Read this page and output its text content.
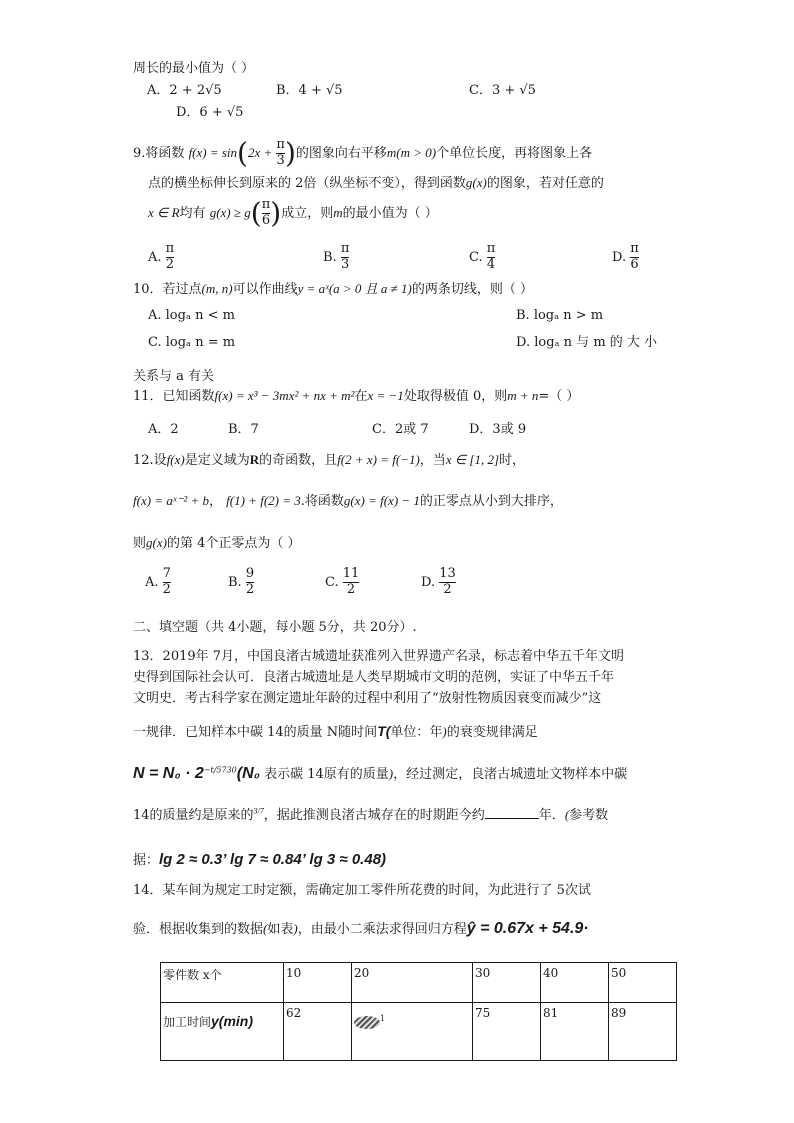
周长的最小值为（ ）
A．2 + 2√5	B．4 + √5	C．3 + √5
D．6 + √5
9.将函数 $f(x) = \sin(2x + \frac{\pi}{3}$ )的图象向右平移m(m > 0)个单位长度，再将图象上各
点的横坐标伸长到原来的 2倍（纵坐标不变），得到函数g(x)的图象，若对任意的
x ∈ R均有 $g(x) \ge g( \frac{\pi}{6}$ )成立，则m的最小值为（ ）
A. $\frac{\pi}{2}$	B. $\frac{\pi}{3}$	C. $\frac{\pi}{4}$	D. $\frac{\pi}{6}$
10．若过点(m, n)可以作曲线y = aˣ(a > 0 且 a ≠ 1)的两条切线，则（ ）
A. logₐ n < m	B. logₐ n > m
C. logₐ n = m	D. logₐ n 与 m 的 大 小
关系与 a 有关
11．已知函数f(x) = x³ − 3mx² + nx + m²在x = −1处取得极值 0，则m + n=（ ）
A．2	B．7	C．2或 7	D．3或 9
12.设f(x)是定义域为R的奇函数，且f(2 + x) = f(−1)，当x ∈ [1, 2]时，
f(x) = aˣ⁻² + b， f(1) + f(2) = 3.将函数g(x) = f(x) − 1的正零点从小到大排序，
则g(x)的第 4个正零点为（ ）
A. $\frac{7}{2}$	B. $\frac{9}{2}$	C. $\frac{11}{2}$	D. $\frac{13}{2}$
二、填空题（共 4小题，每小题 5分，共 20分）.
13．2019年 7月，中国良渚古城遗址获准列入世界遗产名录，标志着中华五千年文明
史得到国际社会认可．良渚古城遗址是人类早期城市文明的范例，实证了中华五千年
文明史．考古科学家在测定遗址年龄的过程中利用了“放射性物质因衰变而减少”这
一规律．已知样本中碳 14的质量 N随时间T(单位：年)的衰变规律满足
$N = N_0 \cdot 2^{-t/5730}(N_0$ 表示碳 14原有的质量)，经过测定，良渚古城遗址文物样本中碳
14的质量约是原来的$^{3/7}$，据此推测良渚古城存在的时期距今约	年．(参考数
据：lg 2 ≈ 0.3’ lg 7 ≈ 0.84’ lg 3 ≈ 0.48)
14．某车间为规定工时定额，需确定加工零件所花费的时间，为此进行了 5次试
验．根据收集到的数据(如表)，由最小二乘法求得回归方程ŷ = 0.67x + 54.9·
零件数 x个	10	20	30	40	50
加工时间y(min)	62	1	75	81	89
